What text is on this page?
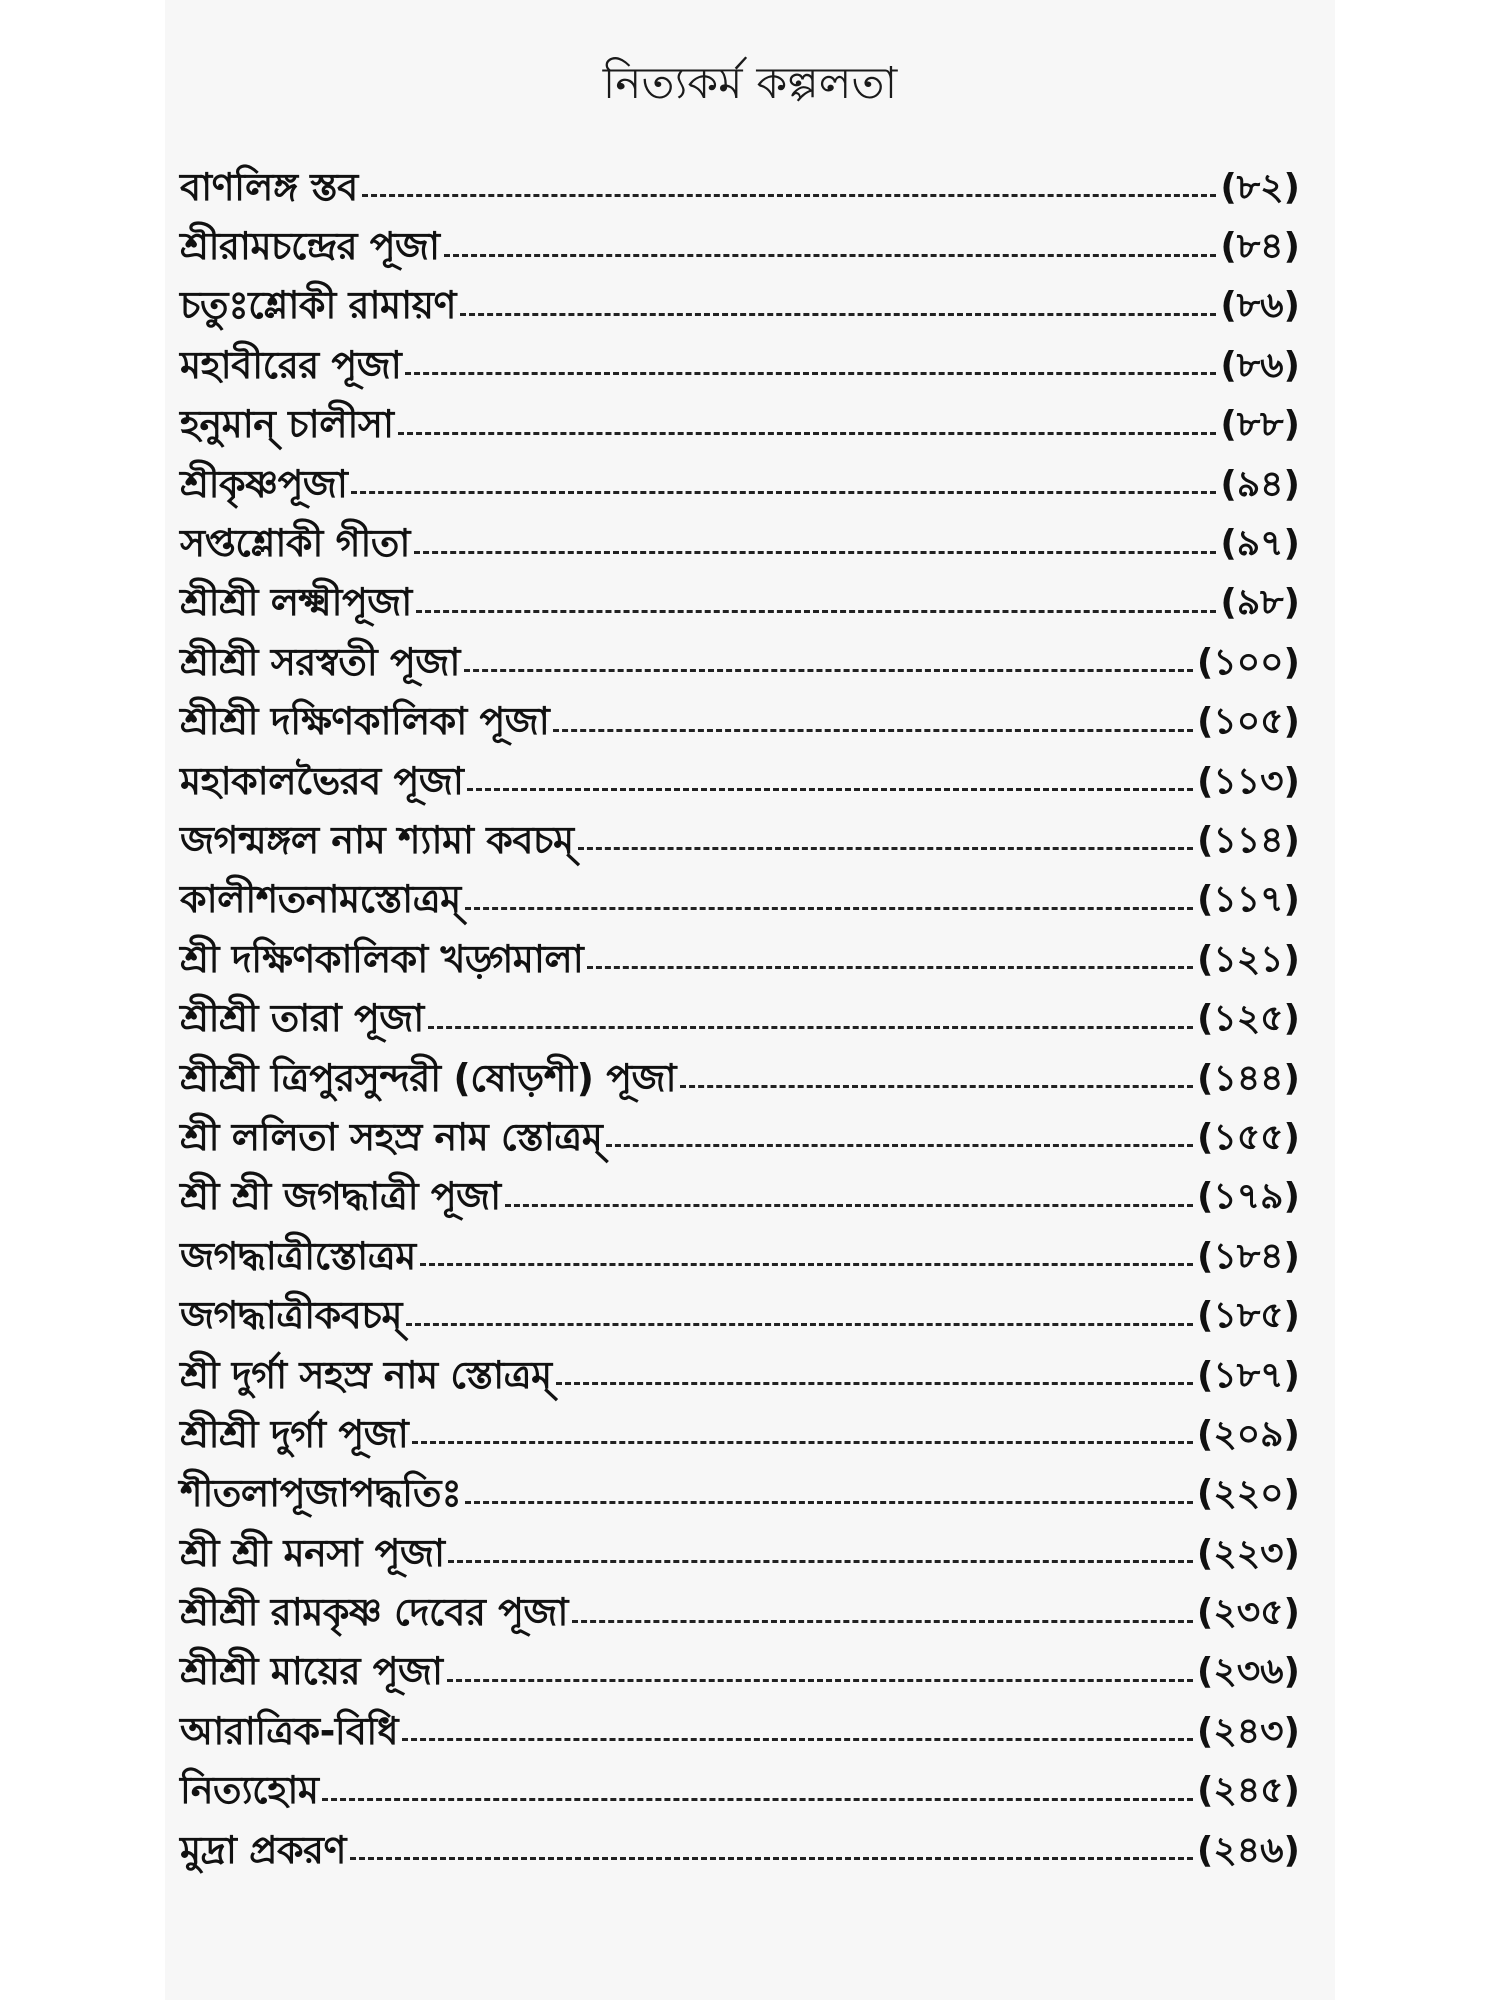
নিত্যকর্ম কল্পলতা
বাণলিঙ্গ স্তব	(৮২)
শ্রীরামচন্দ্রের পূজা	(৮৪)
চতুঃশ্লোকী রামায়ণ	(৮৬)
মহাবীরের পূজা	(৮৬)
হনুমান্ চালীসা	(৮৮)
শ্রীকৃষ্ণপূজা	(৯৪)
সপ্তশ্লোকী গীতা	(৯৭)
শ্রীশ্রী লক্ষ্মীপূজা	(৯৮)
শ্রীশ্রী সরস্বতী পূজা	(১০০)
শ্রীশ্রী দক্ষিণকালিকা পূজা	(১০৫)
মহাকালভৈরব পূজা	(১১৩)
জগন্মঙ্গল নাম শ্যামা কবচম্	(১১৪)
কালীশতনামস্তোত্রম্	(১১৭)
শ্রী দক্ষিণকালিকা খড়্গমালা	(১২১)
শ্রীশ্রী তারা পূজা	(১২৫)
শ্রীশ্রী ত্রিপুরসুন্দরী (ষোড়শী) পূজা	(১৪৪)
শ্রী ললিতা সহস্র নাম স্তোত্রম্	(১৫৫)
শ্রী শ্রী জগদ্ধাত্রী পূজা	(১৭৯)
জগদ্ধাত্রীস্তোত্রম	(১৮৪)
জগদ্ধাত্রীকবচম্	(১৮৫)
শ্রী দুর্গা সহস্র নাম স্তোত্রম্	(১৮৭)
শ্রীশ্রী দুর্গা পূজা	(২০৯)
শীতলাপূজাপদ্ধতিঃ	(২২০)
শ্রী শ্রী মনসা পূজা	(২২৩)
শ্রীশ্রী রামকৃষ্ণ দেবের পূজা	(২৩৫)
শ্রীশ্রী মায়ের পূজা	(২৩৬)
আরাত্রিক-বিধি	(২৪৩)
নিত্যহোম	(২৪৫)
মুদ্রা প্রকরণ	(২৪৬)
